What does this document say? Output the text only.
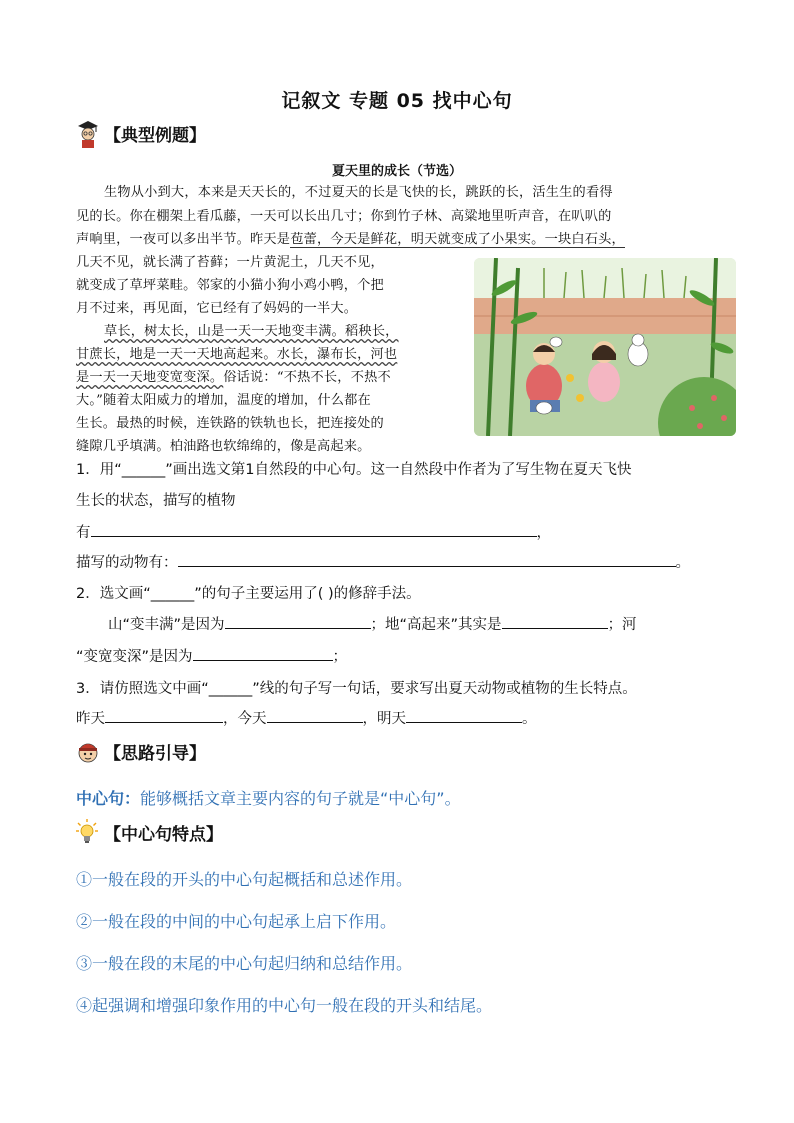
记叙文 专题 05 找中心句
【典型例题】
夏天里的成长（节选）
生物从小到大，本来是天天长的，不过夏天的长是飞快的长，跳跃的长，活生生的看得
见的长。你在棚架上看瓜藤，一天可以长出几寸；你到竹子林、高粱地里听声音，在叭叭的
声响里，一夜可以多出半节。昨天是苞蕾，今天是鲜花，明天就变成了小果实。一块白石头，
几天不见，就长满了苔藓；一片黄泥土，几天不见，
就变成了草坪菜畦。邻家的小猫小狗小鸡小鸭，个把
月不过来，再见面，它已经有了妈妈的一半大。
草长，树太长，山是一天一天地变丰满。稻秧长，
甘蔗长，地是一天一天地高起来。水长，瀑布长，河也
是一天一天地变宽变深。俗话说：“不热不长，不热不
大。”随着太阳威力的增加，温度的增加，什么都在
生长。最热的时候，连铁路的铁轨也长，把连接处的
缝隙几乎填满。柏油路也软绵绵的，像是高起来。
1．用“______”画出选文第1自然段的中心句。这一自然段中作者为了写生物在夏天飞快
生长的状态，描写的植物
有	，
描写的动物有：	。
2．选文画“______”的句子主要运用了( )的修辞手法。
山“变丰满”是因为	；地“高起来”其实是	；河
“变宽变深”是因为	；
3．请仿照选文中画“______”线的句子写一句话，要求写出夏天动物或植物的生长特点。
昨天	，今天	，明天	。
【思路引导】
中心句：能够概括文章主要内容的句子就是“中心句”。
【中心句特点】
①一般在段的开头的中心句起概括和总述作用。
②一般在段的中间的中心句起承上启下作用。
③一般在段的末尾的中心句起归纳和总结作用。
④起强调和增强印象作用的中心句一般在段的开头和结尾。
